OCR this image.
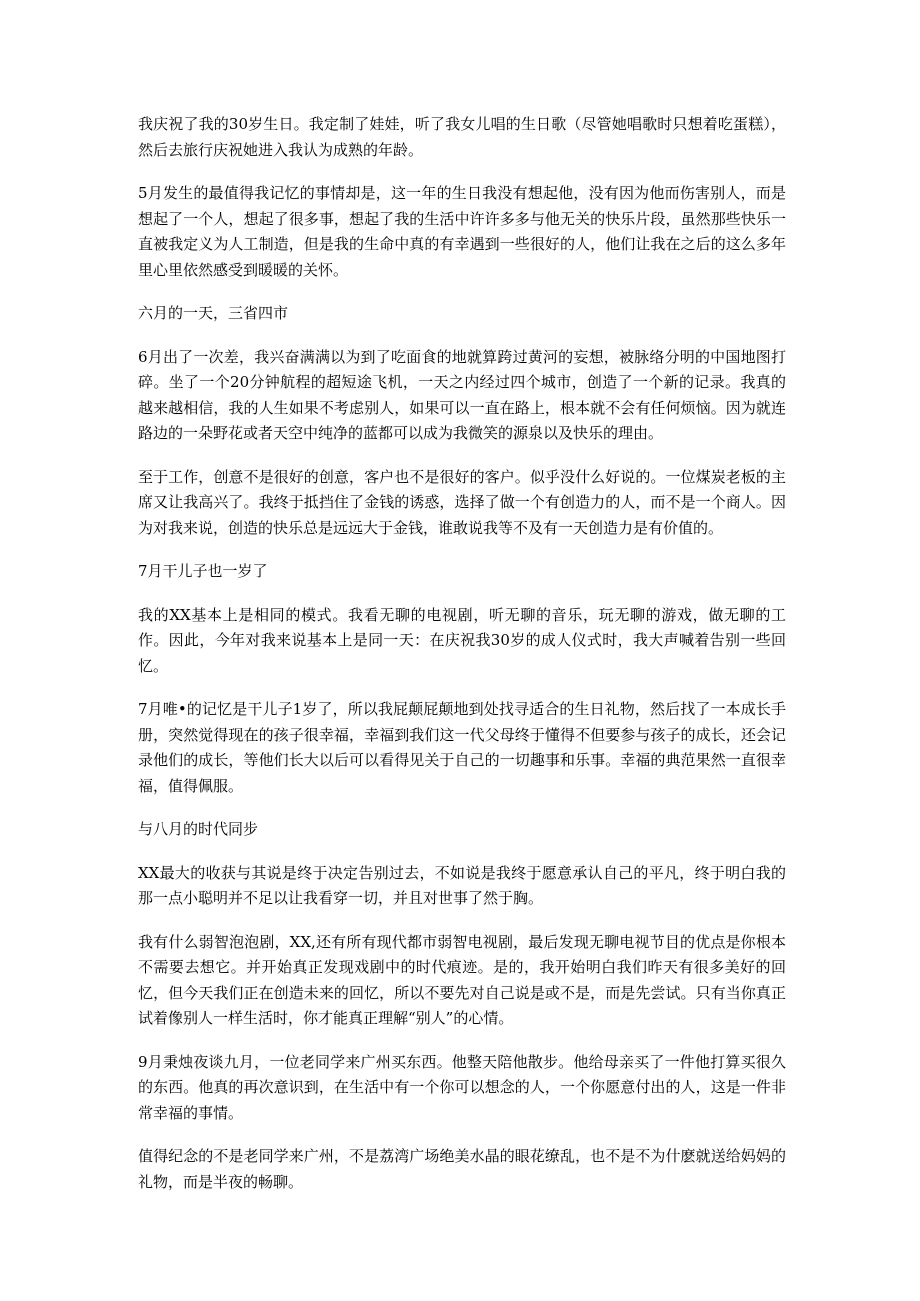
我庆祝了我的30岁生日。我定制了娃娃，听了我女儿唱的生日歌（尽管她唱歌时只想着吃蛋糕），然后去旅行庆祝她进入我认为成熟的年龄。

5月发生的最值得我记忆的事情却是，这一年的生日我没有想起他，没有因为他而伤害别人，而是想起了一个人，想起了很多事，想起了我的生活中许许多多与他无关的快乐片段，虽然那些快乐一直被我定义为人工制造，但是我的生命中真的有幸遇到一些很好的人，他们让我在之后的这么多年里心里依然感受到暖暖的关怀。

六月的一天，三省四市

6月出了一次差，我兴奋满满以为到了吃面食的地就算跨过黄河的妄想，被脉络分明的中国地图打碎。坐了一个20分钟航程的超短途飞机，一天之内经过四个城市，创造了一个新的记录。我真的越来越相信，我的人生如果不考虑别人，如果可以一直在路上，根本就不会有任何烦恼。因为就连路边的一朵野花或者天空中纯净的蓝都可以成为我微笑的源泉以及快乐的理由。

至于工作，创意不是很好的创意，客户也不是很好的客户。似乎没什么好说的。一位煤炭老板的主席又让我高兴了。我终于抵挡住了金钱的诱惑，选择了做一个有创造力的人，而不是一个商人。因为对我来说，创造的快乐总是远远大于金钱，谁敢说我等不及有一天创造力是有价值的。

7月干儿子也一岁了

我的XX基本上是相同的模式。我看无聊的电视剧，听无聊的音乐，玩无聊的游戏，做无聊的工作。因此，今年对我来说基本上是同一天：在庆祝我30岁的成人仪式时，我大声喊着告别一些回忆。

7月唯•的记忆是干儿子1岁了，所以我屁颠屁颠地到处找寻适合的生日礼物，然后找了一本成长手册，突然觉得现在的孩子很幸福，幸福到我们这一代父母终于懂得不但要参与孩子的成长，还会记录他们的成长，等他们长大以后可以看得见关于自己的一切趣事和乐事。幸福的典范果然一直很幸福，值得佩服。

与八月的时代同步

XX最大的收获与其说是终于决定告别过去，不如说是我终于愿意承认自己的平凡，终于明白我的那一点小聪明并不足以让我看穿一切，并且对世事了然于胸。

我有什么弱智泡泡剧，XX,还有所有现代都市弱智电视剧，最后发现无聊电视节目的优点是你根本不需要去想它。并开始真正发现戏剧中的时代痕迹。是的，我开始明白我们昨天有很多美好的回忆，但今天我们正在创造未来的回忆，所以不要先对自己说是或不是，而是先尝试。只有当你真正试着像别人一样生活时，你才能真正理解“别人”的心情。

9月秉烛夜谈九月，一位老同学来广州买东西。他整天陪他散步。他给母亲买了一件他打算买很久的东西。他真的再次意识到，在生活中有一个你可以想念的人，一个你愿意付出的人，这是一件非常幸福的事情。

值得纪念的不是老同学来广州，不是荔湾广场绝美水晶的眼花缭乱，也不是不为什麽就送给妈妈的礼物，而是半夜的畅聊。
